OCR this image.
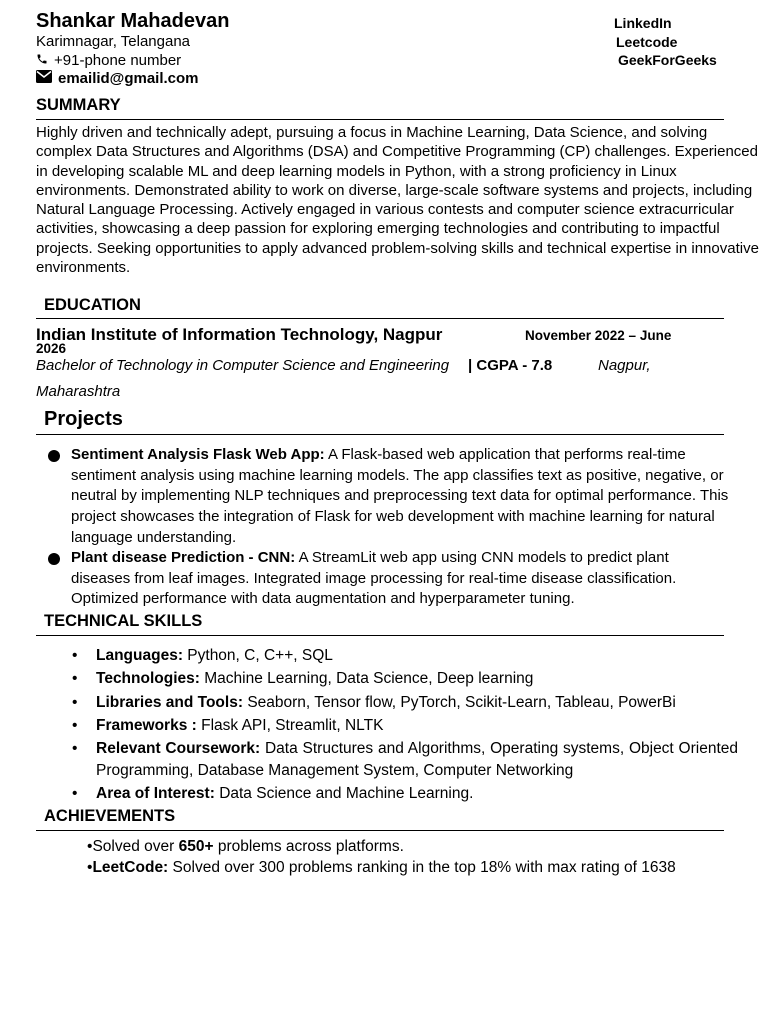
Shankar Mahadevan
Karimnagar, Telangana
+91-phone number
emailid@gmail.com
LinkedIn
Leetcode
GeekForGeeks
SUMMARY
Highly driven and technically adept, pursuing a focus in Machine Learning, Data Science, and solving complex Data Structures and Algorithms (DSA) and Competitive Programming (CP) challenges. Experienced in developing scalable ML and deep learning models in Python, with a strong proficiency in Linux environments. Demonstrated ability to work on diverse, large-scale software systems and projects, including Natural Language Processing. Actively engaged in various contests and computer science extracurricular activities, showcasing a deep passion for exploring emerging technologies and contributing to impactful projects. Seeking opportunities to apply advanced problem-solving skills and technical expertise in innovative environments.
EDUCATION
Indian Institute of Information Technology, Nagpur	November 2022 – June
2026
Bachelor of Technology in Computer Science and Engineering | CGPA - 7.8	Nagpur,
Maharashtra
Projects
Sentiment Analysis Flask Web App: A Flask-based web application that performs real-time sentiment analysis using machine learning models. The app classifies text as positive, negative, or neutral by implementing NLP techniques and preprocessing text data for optimal performance. This project showcases the integration of Flask for web development with machine learning for natural language understanding.
Plant disease Prediction - CNN: A StreamLit web app using CNN models to predict plant diseases from leaf images. Integrated image processing for real-time disease classification. Optimized performance with data augmentation and hyperparameter tuning.
TECHNICAL SKILLS
• Languages: Python, C, C++, SQL
• Technologies: Machine Learning, Data Science, Deep learning
• Libraries and Tools: Seaborn, Tensor flow, PyTorch, Scikit-Learn, Tableau, PowerBi
• Frameworks : Flask API, Streamlit, NLTK
• Relevant Coursework: Data Structures and Algorithms, Operating systems, Object Oriented Programming, Database Management System, Computer Networking
• Area of Interest: Data Science and Machine Learning.
ACHIEVEMENTS
•Solved over 650+ problems across platforms.
•LeetCode: Solved over 300 problems ranking in the top 18% with max rating of 1638
